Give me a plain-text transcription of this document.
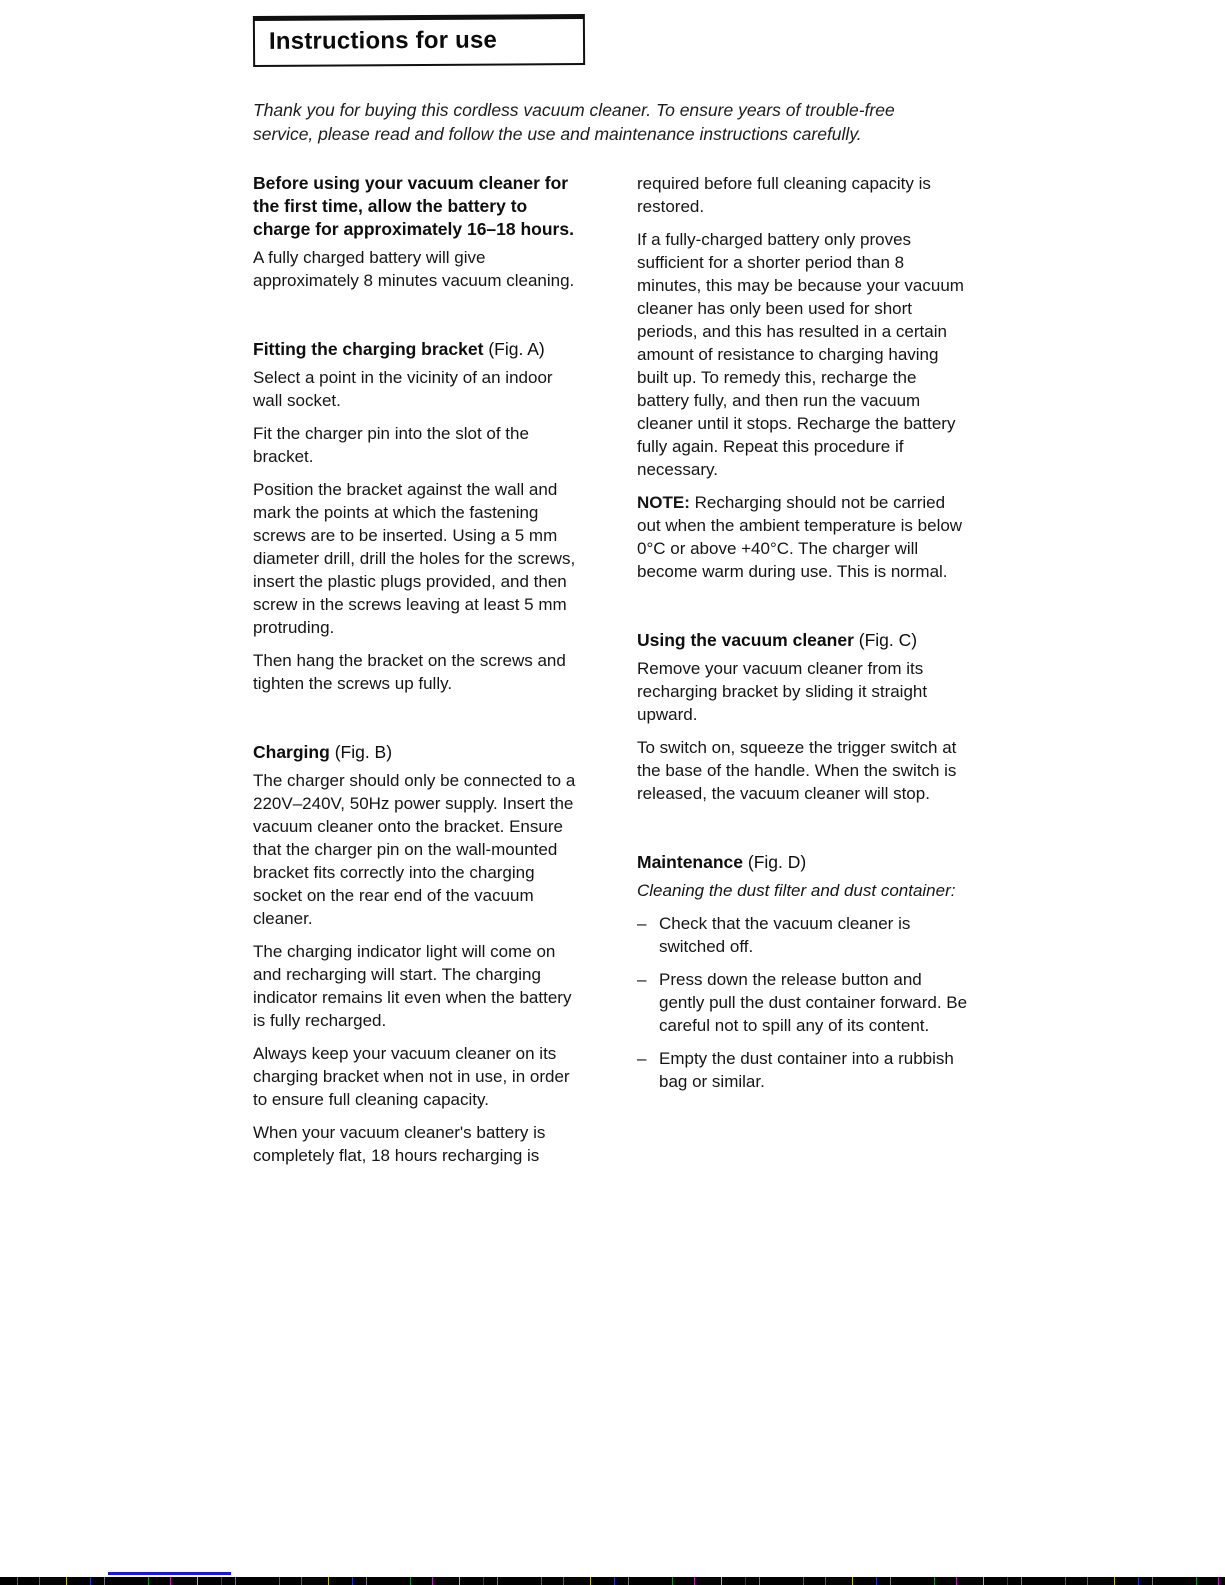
Instructions for use

Thank you for buying this cordless vacuum cleaner. To ensure years of trouble-free service, please read and follow the use and maintenance instructions carefully.

Before using your vacuum cleaner for the first time, allow the battery to charge for approximately 16–18 hours.

A fully charged battery will give approximately 8 minutes vacuum cleaning.

Fitting the charging bracket (Fig. A)

Select a point in the vicinity of an indoor wall socket.

Fit the charger pin into the slot of the bracket.

Position the bracket against the wall and mark the points at which the fastening screws are to be inserted. Using a 5 mm diameter drill, drill the holes for the screws, insert the plastic plugs provided, and then screw in the screws leaving at least 5 mm protruding.

Then hang the bracket on the screws and tighten the screws up fully.

Charging (Fig. B)

The charger should only be connected to a 220V–240V, 50Hz power supply. Insert the vacuum cleaner onto the bracket. Ensure that the charger pin on the wall-mounted bracket fits correctly into the charging socket on the rear end of the vacuum cleaner.

The charging indicator light will come on and recharging will start. The charging indicator remains lit even when the battery is fully recharged.

Always keep your vacuum cleaner on its charging bracket when not in use, in order to ensure full cleaning capacity.

When your vacuum cleaner's battery is completely flat, 18 hours recharging is

required before full cleaning capacity is restored.

If a fully-charged battery only proves sufficient for a shorter period than 8 minutes, this may be because your vacuum cleaner has only been used for short periods, and this has resulted in a certain amount of resistance to charging having built up. To remedy this, recharge the battery fully, and then run the vacuum cleaner until it stops. Recharge the battery fully again. Repeat this procedure if necessary.

NOTE: Recharging should not be carried out when the ambient temperature is below 0°C or above +40°C. The charger will become warm during use. This is normal.

Using the vacuum cleaner (Fig. C)

Remove your vacuum cleaner from its recharging bracket by sliding it straight upward.

To switch on, squeeze the trigger switch at the base of the handle. When the switch is released, the vacuum cleaner will stop.

Maintenance (Fig. D)

Cleaning the dust filter and dust container:

– Check that the vacuum cleaner is switched off.
– Press down the release button and gently pull the dust container forward. Be careful not to spill any of its content.
– Empty the dust container into a rubbish bag or similar.
